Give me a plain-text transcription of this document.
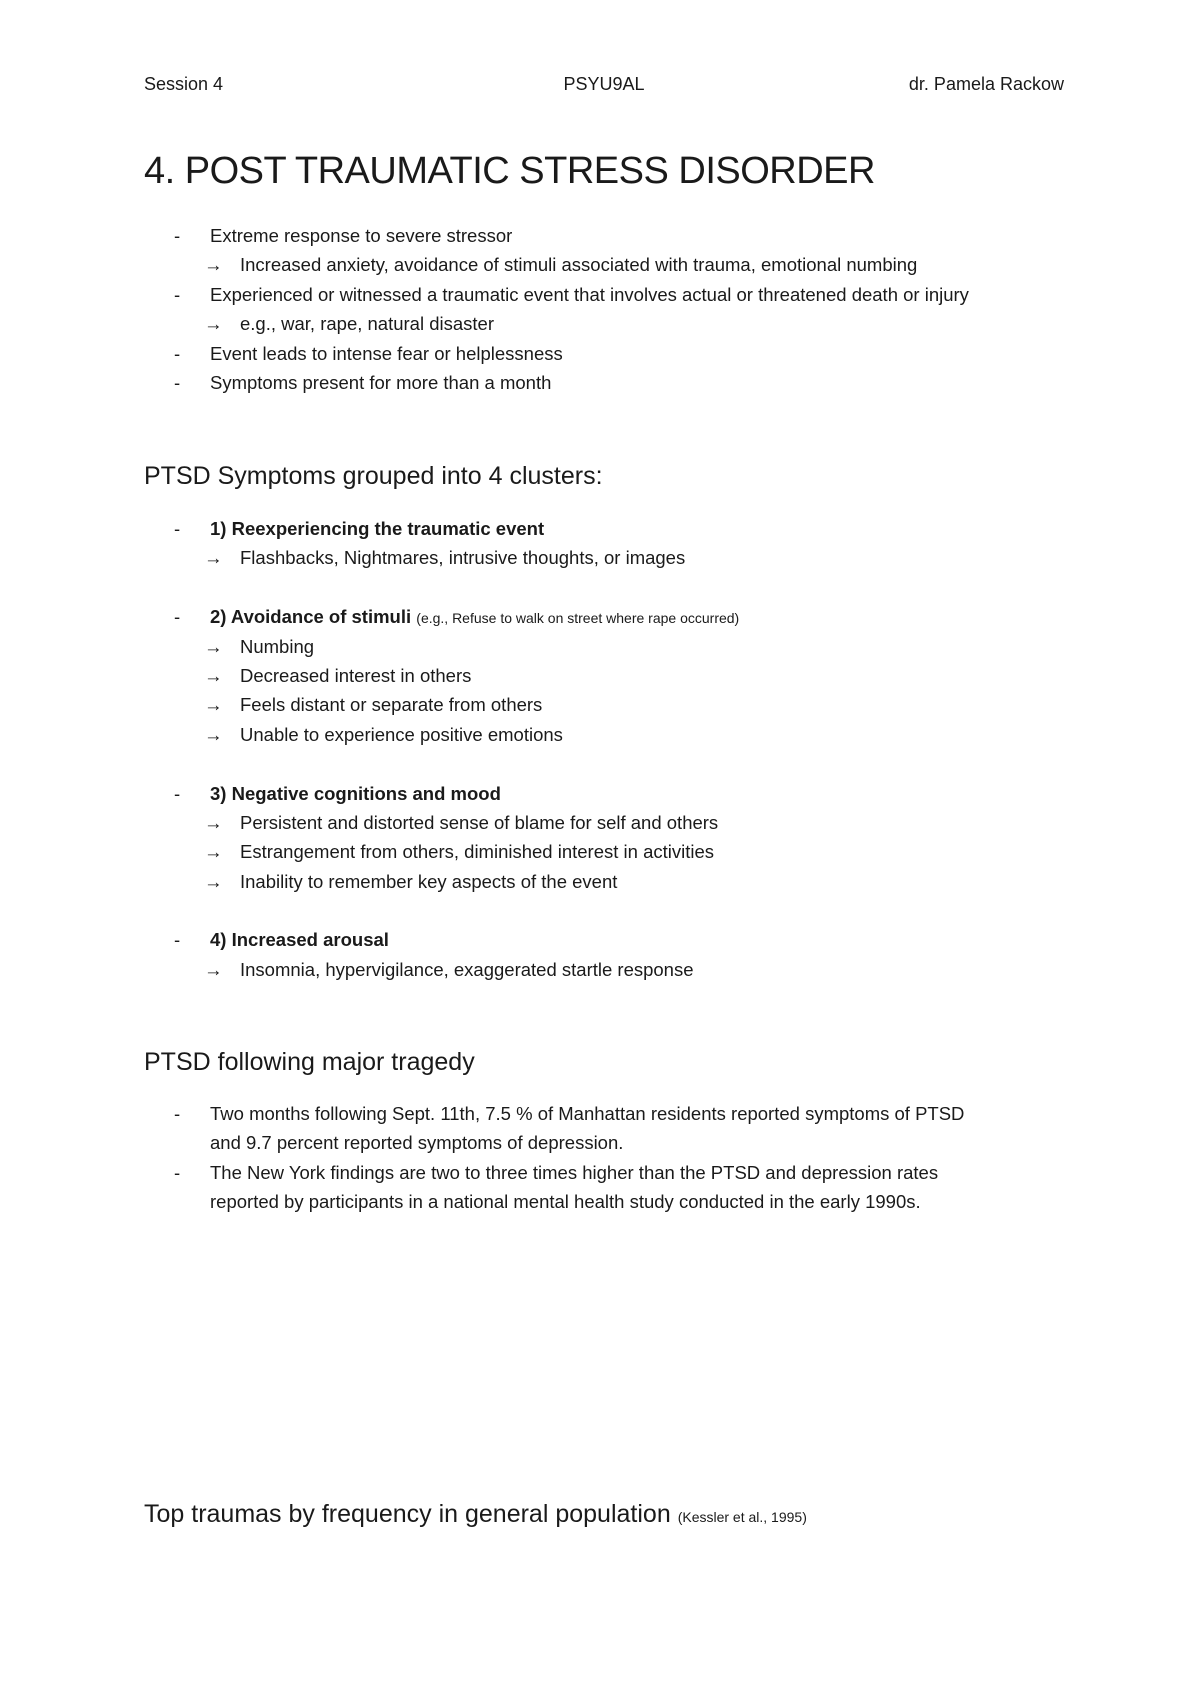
Session 4	PSYU9AL	dr. Pamela Rackow
4. POST TRAUMATIC STRESS DISORDER
- Extreme response to severe stressor
→ Increased anxiety, avoidance of stimuli associated with trauma, emotional numbing
- Experienced or witnessed a traumatic event that involves actual or threatened death or injury
→ e.g., war, rape, natural disaster
- Event leads to intense fear or helplessness
- Symptoms present for more than a month
PTSD Symptoms grouped into 4 clusters:
- 1) Reexperiencing the traumatic event
→ Flashbacks, Nightmares, intrusive thoughts, or images
- 2) Avoidance of stimuli (e.g., Refuse to walk on street where rape occurred)
→ Numbing
→ Decreased interest in others
→ Feels distant or separate from others
→ Unable to experience positive emotions
- 3) Negative cognitions and mood
→ Persistent and distorted sense of blame for self and others
→ Estrangement from others, diminished interest in activities
→ Inability to remember key aspects of the event
- 4) Increased arousal
→ Insomnia, hypervigilance, exaggerated startle response
PTSD following major tragedy
- Two months following Sept. 11th, 7.5 % of Manhattan residents reported symptoms of PTSD
and 9.7 percent reported symptoms of depression.
- The New York findings are two to three times higher than the PTSD and depression rates
reported by participants in a national mental health study conducted in the early 1990s.
Top traumas by frequency in general population (Kessler et al., 1995)
